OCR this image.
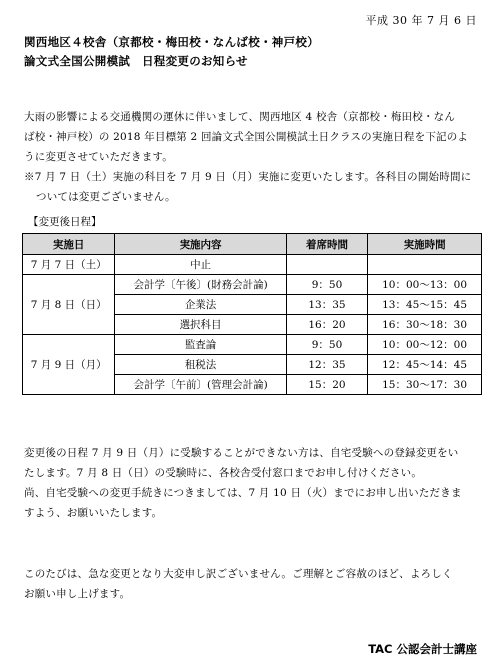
平成 30 年 7 月 6 日
関西地区４校舎（京都校・梅田校・なんば校・神戸校）
論文式全国公開模試　日程変更のお知らせ
大雨の影響による交通機関の運休に伴いまして、関西地区 4 校舎（京都校・梅田校・なん
ば校・神戸校）の 2018 年目標第 2 回論文式全国公開模試土日クラスの実施日程を下記のよ
うに変更させていただきます。
※7 月 7 日（土）実施の科目を 7 月 9 日（月）実施に変更いたします。各科目の開始時間に
ついては変更ございません。
【変更後日程】
実施日	実施内容	着席時間	実施時間
7 月 7 日（土）	中止		
7 月 8 日（日）	会計学〔午後〕(財務会計論)	9：50	10：00〜13：00
	企業法	13：35	13：45〜15：45
	選択科目	16：20	16：30〜18：30
7 月 9 日（月）	監査論	9：50	10：00〜12：00
	租税法	12：35	12：45〜14：45
	会計学〔午前〕(管理会計論)	15：20	15：30〜17：30
変更後の日程 7 月 9 日（月）に受験することができない方は、自宅受験への登録変更をい
たします。7 月 8 日（日）の受験時に、各校舎受付窓口までお申し付けください。
尚、自宅受験への変更手続きにつきましては、7 月 10 日（火）までにお申し出いただきま
すよう、お願いいたします。
このたびは、急な変更となり大変申し訳ございません。ご理解とご容赦のほど、よろしく
お願い申し上げます。
TAC 公認会計士講座
